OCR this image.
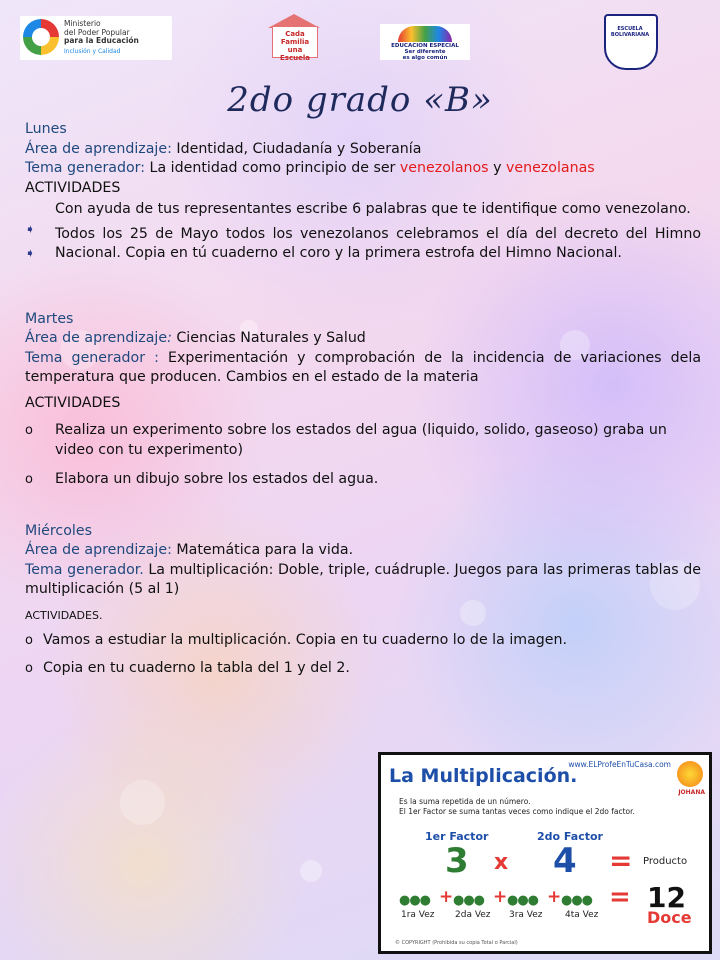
Ministerio
del Poder Popular
para la Educación
Inclusión y Calidad
Cada Familia una Escuela
EDUCACION ESPECIAL
Ser diferente
es algo común
ESCUELA BOLIVARIANA
2do grado «B»

Lunes

Área de aprendizaje: Identidad, Ciudadanía y Soberanía

Tema generador: La identidad como principio de ser venezolanos y venezolanas

ACTIVIDADES

➧
Con ayuda de tus representantes escribe 6 palabras que te identifique como venezolano.

➧
Todos los 25 de Mayo todos los venezolanos celebramos el día del decreto del Himno Nacional. Copia en tú cuaderno el coro y la primera estrofa del Himno Nacional.

Martes

Área de aprendizaje: Ciencias Naturales y Salud

Tema generador : Experimentación y comprobación de la incidencia de variaciones dela temperatura que producen. Cambios en el estado de la materia

ACTIVIDADES

o	Realiza un experimento sobre los estados del agua (liquido, solido, gaseoso) graba un video con tu experimento)

o	Elabora un dibujo sobre los estados del agua.

Miércoles

Área de aprendizaje: Matemática para la vida.

Tema generador. La multiplicación: Doble, triple, cuádruple. Juegos para las primeras tablas de multiplicación (5 al 1)

ACTIVIDADES.

o Vamos a estudiar la multiplicación. Copia en tu cuaderno lo de la imagen.

o Copia en tu cuaderno la tabla del 1 y del 2.

La Multiplicación.
www.ELProfeEnTuCasa.com
JOHANA
Es la suma repetida de un número.
El 1er Factor se suma tantas veces como indique el 2do factor.
1er Factor	2do Factor
3 x 4 = Producto
●●● + ●●● + ●●● + ●●● = 12
Doce
1ra Vez 2da Vez 3ra Vez 4ta Vez
© COPYRIGHT (Prohibida su copia Total o Parcial)
